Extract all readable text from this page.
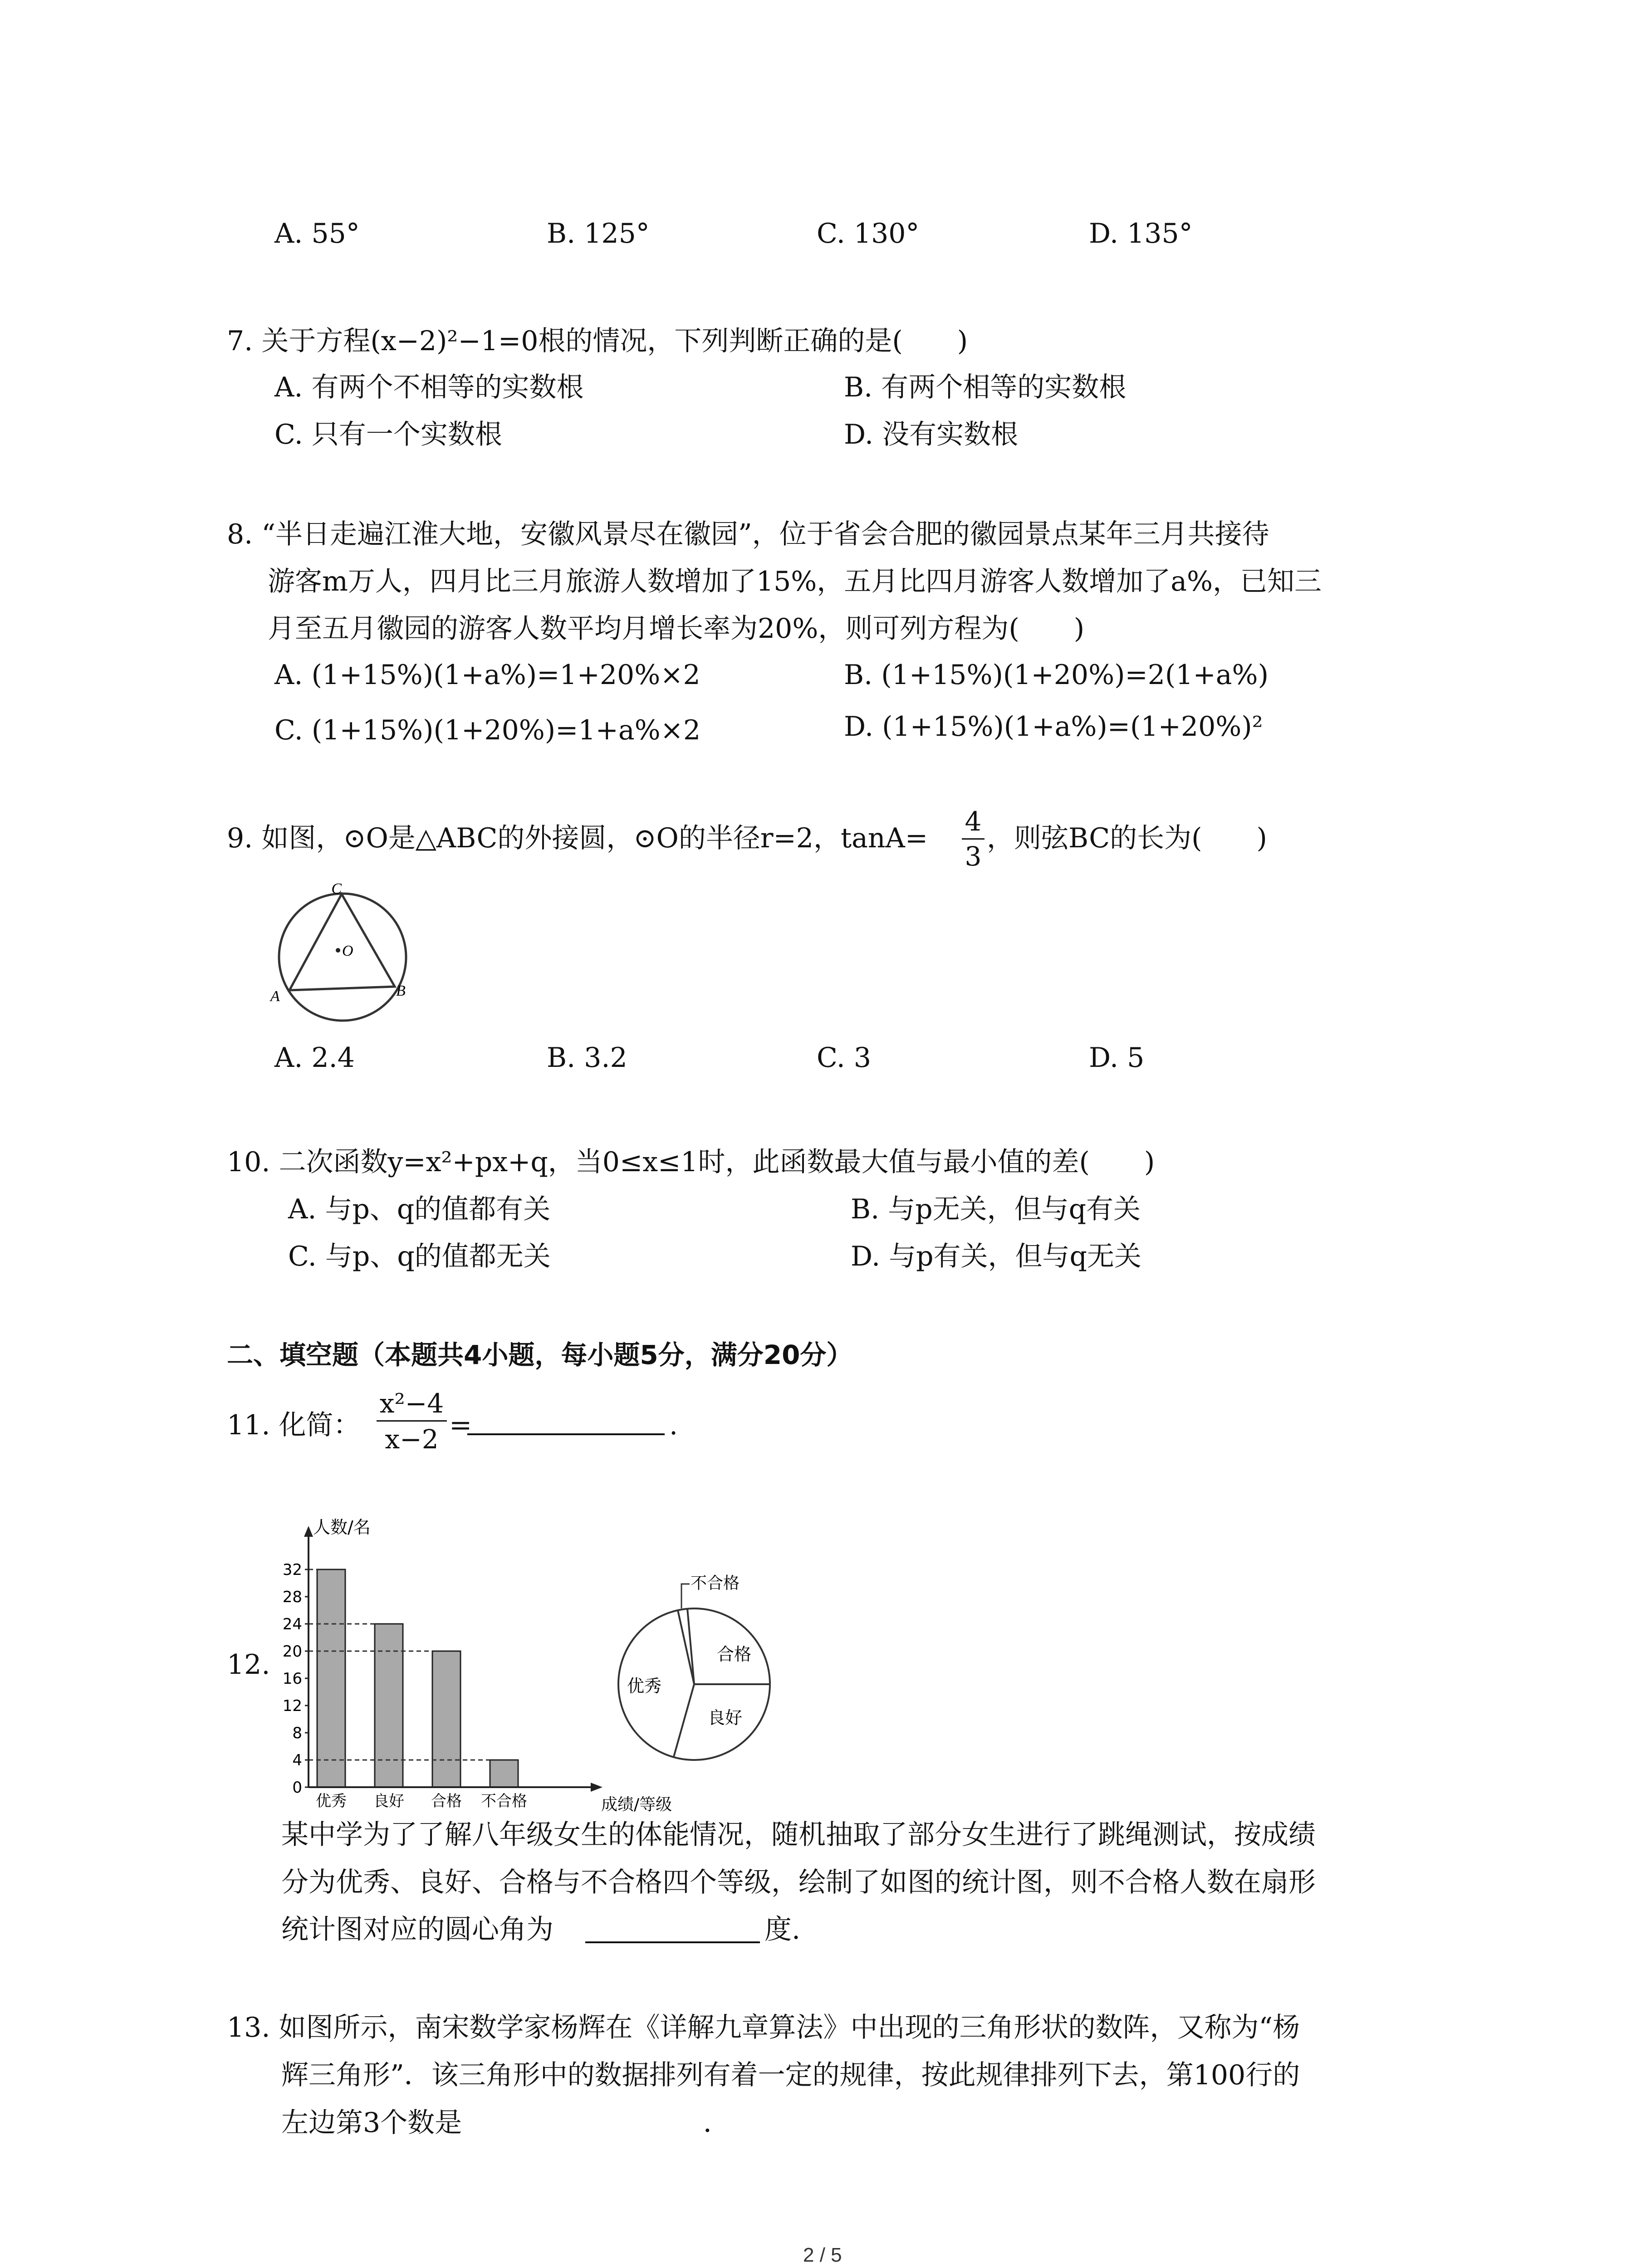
A. 55°	B. 125°	C. 130°	D. 135°
7. 关于方程(x−2)²−1=0根的情况，下列判断正确的是(　　)
A. 有两个不相等的实数根	B. 有两个相等的实数根
C. 只有一个实数根	D. 没有实数根
8. “半日走遍江淮大地，安徽风景尽在徽园”，位于省会合肥的徽园景点某年三月共接待
游客m万人，四月比三月旅游人数增加了15%，五月比四月游客人数增加了a%，已知三
月至五月徽园的游客人数平均月增长率为20%，则可列方程为(　　)
A. (1+15%)(1+a%)=1+20%×2	B. (1+15%)(1+20%)=2(1+a%)
C. (1+15%)(1+20%)=1+a%×2	D. (1+15%)(1+a%)=(1+20%)²
9. 如图，⊙O是△ABC的外接圆，⊙O的半径r=2，$\tan A= \frac{4}{3}$ ，则弦BC的长为(　　)
C
O
A	B
A. 2.4	B. 3.2	C. 3	D. 5
10. 二次函数y=x²+px+q，当0≤x≤1时，此函数最大值与最小值的差(　　)
A. 与p、q的值都有关	B. 与p无关，但与q有关
C. 与p、q的值都无关	D. 与p有关，但与q无关
二、填空题（本题共4小题，每小题5分，满分20分）
11. 化简： $\frac{\text{x²−4}}{x-2}$ =	.
12.
0
4
8
12
16
20
24
28
32
优秀 良好 合格 不合格
人数/名
成绩/等级
不合格
合格
良好
优秀
某中学为了了解八年级女生的体能情况，随机抽取了部分女生进行了跳绳测试，按成绩
分为优秀、良好、合格与不合格四个等级，绘制了如图的统计图，则不合格人数在扇形
统计图对应的圆心角为	度.
13. 如图所示，南宋数学家杨辉在《详解九章算法》中出现的三角形状的数阵，又称为“杨
辉三角形”．该三角形中的数据排列有着一定的规律，按此规律排列下去，第100行的
左边第3个数是	．
2 / 5
